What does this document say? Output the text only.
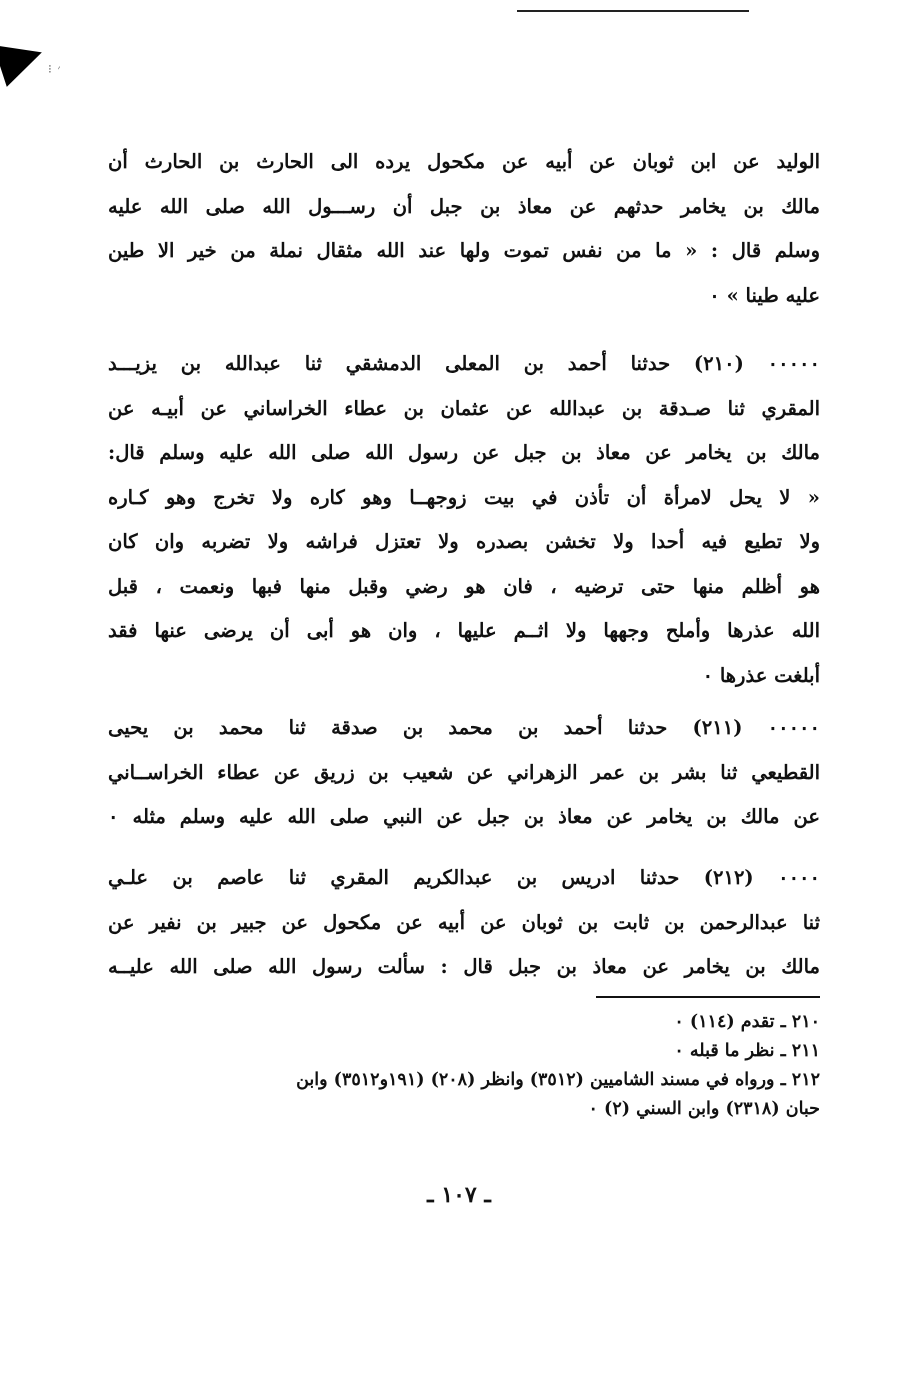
⁝ ׳
الوليد عن ابن ثوبان عن أبيه عن مكحول يرده الى الحارث بن الحارث أن
مالك بن يخامر حدثهم عن معاذ بن جبل أن رســـول الله صلى الله عليه
وسلم قال : « ما من نفس تموت ولها عند الله مثقال نملة من خير الا طين
عليه طينا » ٠
٠٠٠٠٠ (٢١٠) حدثنا أحمد بن المعلى الدمشقي ثنا عبدالله بن يزيـــد
المقري ثنا صـدقة بن عبدالله عن عثمان بن عطاء الخراساني عن أبيـه عن
مالك بن يخامر عن معاذ بن جبل عن رسول الله صلى الله عليه وسلم قال:
« لا يحل لامرأة أن تأذن في بيت زوجهــا وهو كاره ولا تخرج وهو كـاره
ولا تطيع فيه أحدا ولا تخشن بصدره ولا تعتزل فراشه ولا تضربه وان كان
هو أظلم منها حتى ترضيه ، فان هو رضي وقبل منها فبها ونعمت ، قبل
الله عذرها وأملح وجهها ولا اثــم عليها ، وان هو أبى أن يرضى عنها فقد
أبلغت عذرها ٠
٠٠٠٠٠ (٢١١) حدثنا أحمد بن محمد بن صدقة ثنا محمد بن يحيى
القطيعي ثنا بشر بن عمر الزهراني عن شعيب بن زريق عن عطاء الخراســاني
عن مالك بن يخامر عن معاذ بن جبل عن النبي صلى الله عليه وسلم مثله ٠
٠٠٠٠ (٢١٢) حدثنا ادريس بن عبدالكريم المقري ثنا عاصم بن علـي
ثنا عبدالرحمن بن ثابت بن ثوبان عن أبيه عن مكحول عن جبير بن نفير عن
مالك بن يخامر عن معاذ بن جبل قال : سألت رسول الله صلى الله عليــه
٢١٠ ـ تقدم (١١٤) ٠
٢١١ ـ نظر ما قبله ٠
٢١٢ ـ ورواه في مسند الشاميين (٣٥١٢) وانظر (٢٠٨) (١٩١و٣٥١٢) وابن
حبان (٢٣١٨) وابن السني (٢) ٠
ـ ١٠٧ ـ
